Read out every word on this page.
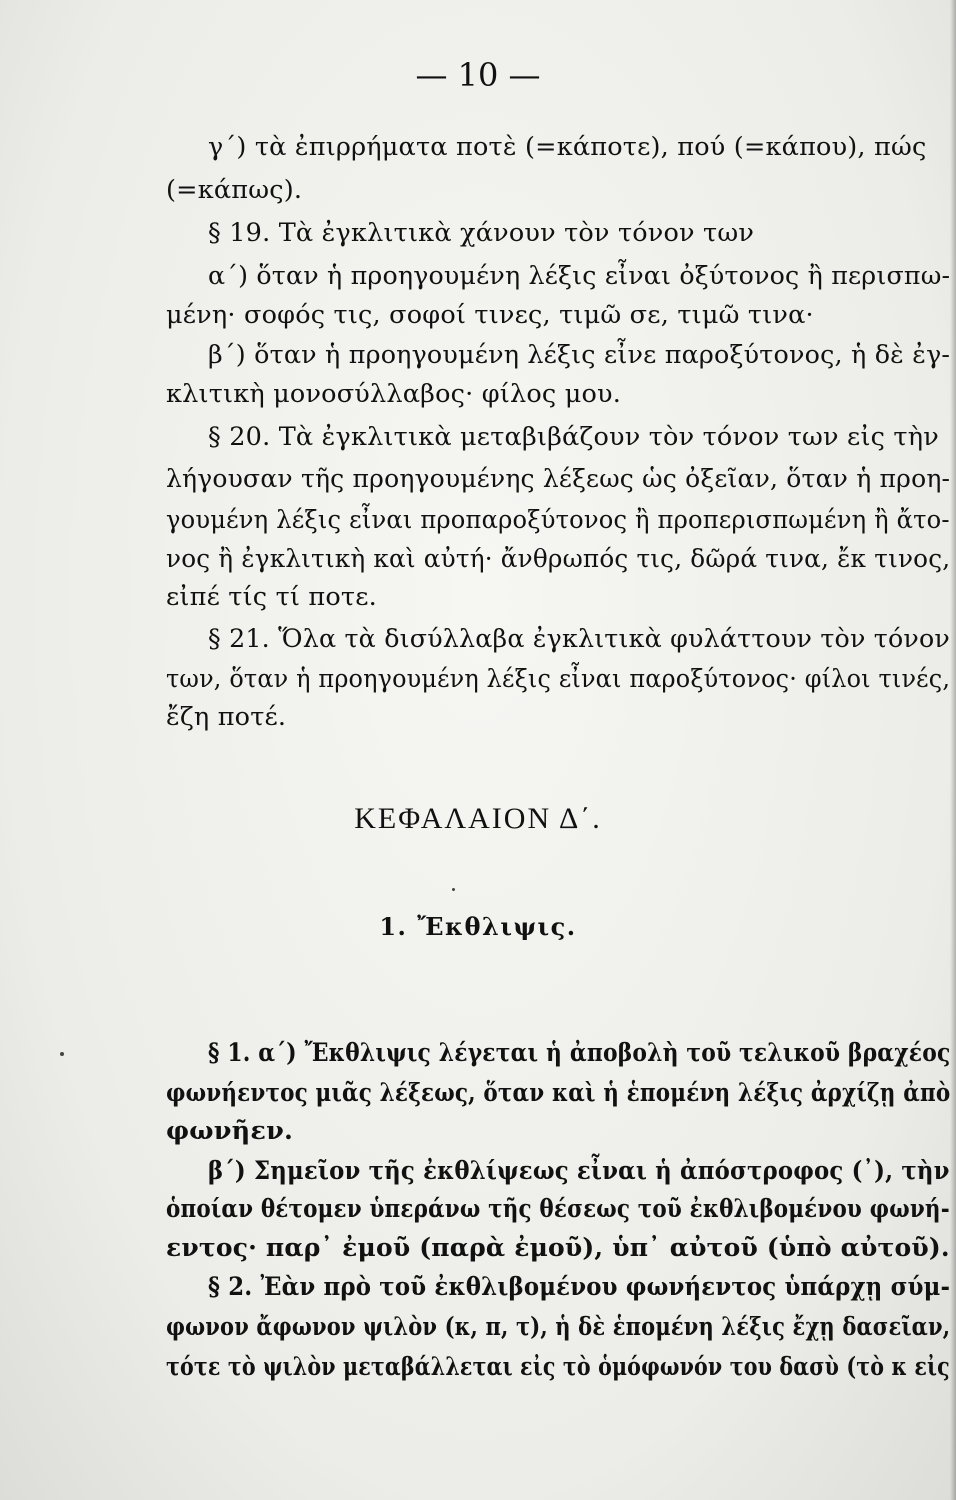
— 10 —
γ΄) τὰ ἐπιρρήματα ποτὲ (=κάποτε), πού (=κάπου), πώς
(=κάπως).
§ 19. Τὰ ἐγκλιτικὰ χάνουν τὸν τόνον των
α΄) ὅταν ἡ προηγουμένη λέξις εἶναι ὀξύτονος ἢ περισπω-
μένη· σοφός τις, σοφοί τινες, τιμῶ σε, τιμῶ τινα·
β΄) ὅταν ἡ προηγουμένη λέξις εἶνε παροξύτονος, ἡ δὲ ἐγ-
κλιτικὴ μονοσύλλαβος· φίλος μου.
§ 20. Τὰ ἐγκλιτικὰ μεταβιβάζουν τὸν τόνον των εἰς τὴν
λήγουσαν τῆς προηγουμένης λέξεως ὡς ὀξεῖαν, ὅταν ἡ προη-
γουμένη λέξις εἶναι προπαροξύτονος ἢ προπερισπωμένη ἢ ἄτο-
νος ἢ ἐγκλιτικὴ καὶ αὐτή· ἄνθρωπός τις, δῶρά τινα, ἔκ τινος,
εἰπέ τίς τί ποτε.
§ 21. Ὅλα τὰ δισύλλαβα ἐγκλιτικὰ φυλάττουν τὸν τόνον
των, ὅταν ἡ προηγουμένη λέξις εἶναι παροξύτονος· φίλοι τινές,
ἔζη ποτέ.
ΚΕΦΑΛΑΙΟΝ Δ΄.
1. Ἔκθλιψις.
§ 1. α΄) Ἔκθλιψις λέγεται ἡ ἀποβολὴ τοῦ τελικοῦ βραχέος
φωνήεντος μιᾶς λέξεως, ὅταν καὶ ἡ ἑπομένη λέξις ἀρχίζῃ ἀπὸ
φωνῆεν.
β΄) Σημεῖον τῆς ἐκθλίψεως εἶναι ἡ ἀπόστροφος (᾿), τὴν
ὁποίαν θέτομεν ὑπεράνω τῆς θέσεως τοῦ ἐκθλιβομένου φωνή-
εντος· παρ᾿ ἐμοῦ (παρὰ ἐμοῦ), ὑπ᾿ αὐτοῦ (ὑπὸ αὐτοῦ).
§ 2. Ἐὰν πρὸ τοῦ ἐκθλιβομένου φωνήεντος ὑπάρχῃ σύμ-
φωνον ἄφωνον ψιλὸν (κ, π, τ), ἡ δὲ ἑπομένη λέξις ἔχῃ δασεῖαν,
τότε τὸ ψιλὸν μεταβάλλεται εἰς τὸ ὁμόφωνόν του δασὺ (τὸ κ εἰς
